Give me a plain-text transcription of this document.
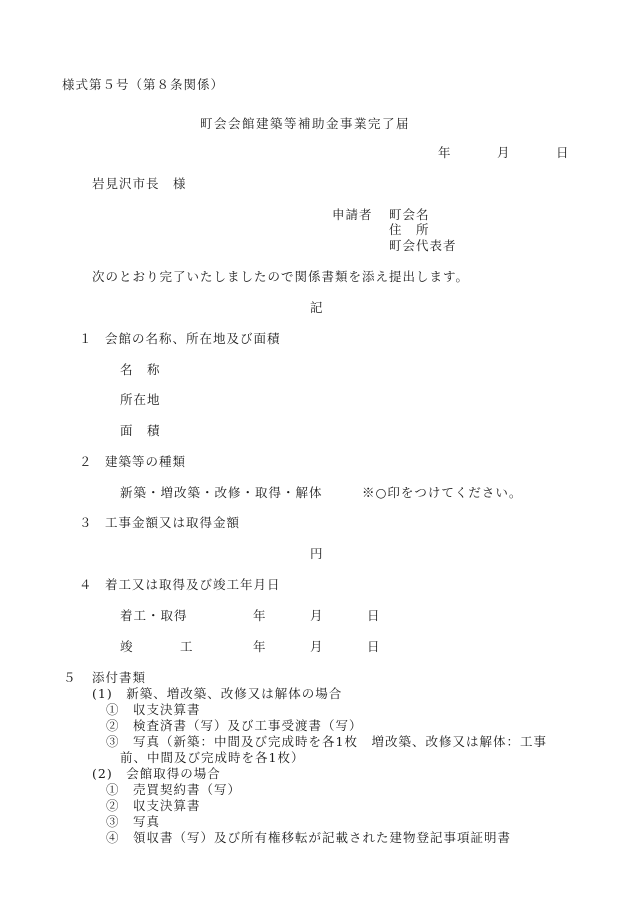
様式第５号（第８条関係）
町会会館建築等補助金事業完了届
年	月	日
岩見沢市長　様
申請者 町会名
住　所
町会代表者
次のとおり完了いたしましたので関係書類を添え提出します。
記
１ 会館の名称、所在地及び面積
名　称
所在地
面　積
２ 建築等の種類
新築・増改築・改修・取得・解体	※○印をつけてください。
３ 工事金額又は取得金額
円
４ 着工又は取得及び竣工年月日
着工・取得	年	月	日
竣	工	年	月	日
５ 添付書類
(1)　新築、増改築、改修又は解体の場合
①　収支決算書
②　検査済書（写）及び工事受渡書（写）
③　写真（新築：中間及び完成時を各1枚　増改築、改修又は解体：工事
前、中間及び完成時を各1枚）
(2)　会館取得の場合
①　売買契約書（写）
②　収支決算書
③　写真
④　領収書（写）及び所有権移転が記載された建物登記事項証明書
